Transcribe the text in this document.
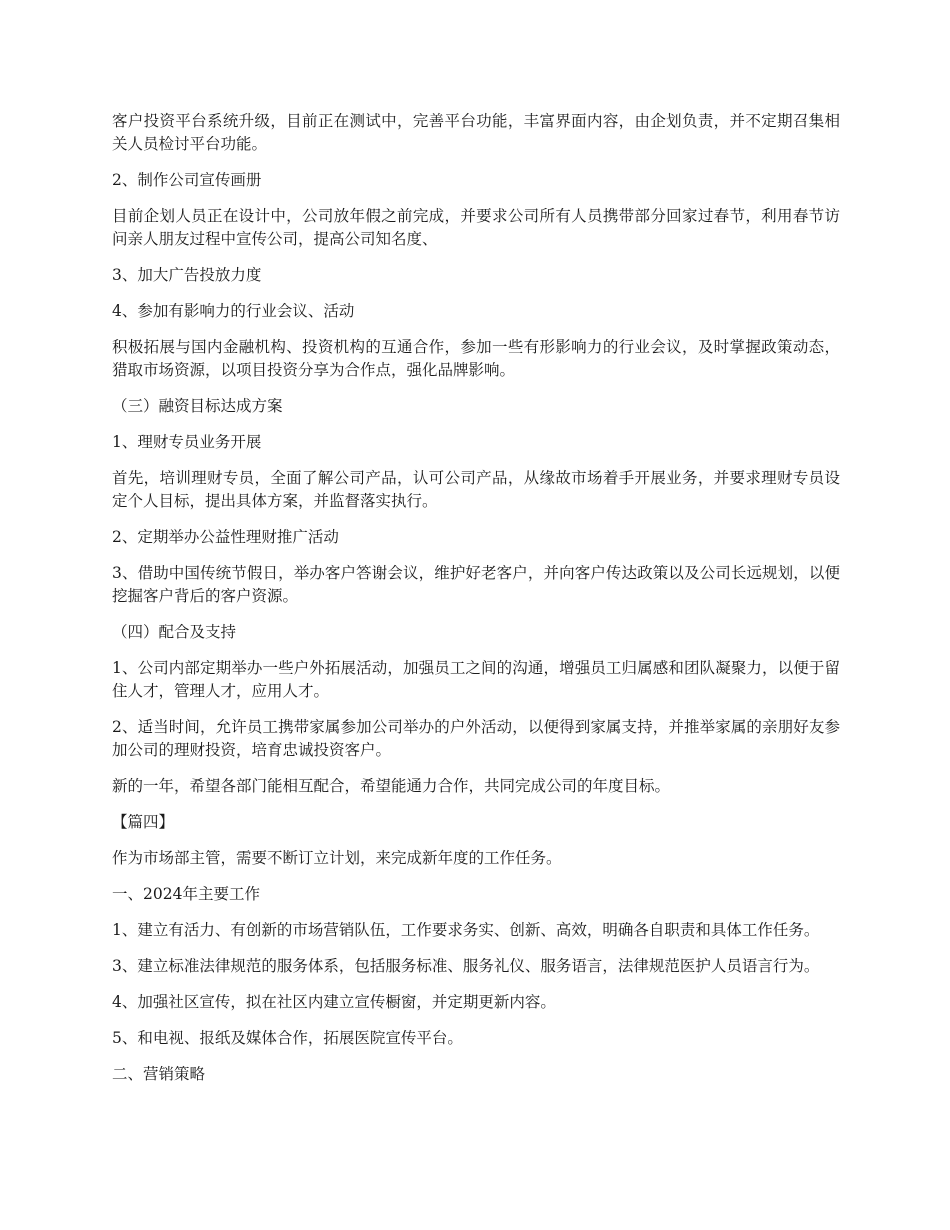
客户投资平台系统升级，目前正在测试中，完善平台功能，丰富界面内容，由企划负责，并不定期召集相关人员检讨平台功能。

2、制作公司宣传画册

目前企划人员正在设计中，公司放年假之前完成，并要求公司所有人员携带部分回家过春节，利用春节访问亲人朋友过程中宣传公司，提高公司知名度、

3、加大广告投放力度

4、参加有影响力的行业会议、活动

积极拓展与国内金融机构、投资机构的互通合作，参加一些有形影响力的行业会议，及时掌握政策动态，猎取市场资源，以项目投资分享为合作点，强化品牌影响。

（三）融资目标达成方案

1、理财专员业务开展

首先，培训理财专员，全面了解公司产品，认可公司产品，从缘故市场着手开展业务，并要求理财专员设定个人目标，提出具体方案，并监督落实执行。

2、定期举办公益性理财推广活动

3、借助中国传统节假日，举办客户答谢会议，维护好老客户，并向客户传达政策以及公司长远规划，以便挖掘客户背后的客户资源。

（四）配合及支持

1、公司内部定期举办一些户外拓展活动，加强员工之间的沟通，增强员工归属感和团队凝聚力，以便于留住人才，管理人才，应用人才。

2、适当时间，允许员工携带家属参加公司举办的户外活动，以便得到家属支持，并推举家属的亲朋好友参加公司的理财投资，培育忠诚投资客户。

新的一年，希望各部门能相互配合，希望能通力合作，共同完成公司的年度目标。

【篇四】

作为市场部主管，需要不断订立计划，来完成新年度的工作任务。

一、2024年主要工作

1、建立有活力、有创新的市场营销队伍，工作要求务实、创新、高效，明确各自职责和具体工作任务。

3、建立标准法律规范的服务体系，包括服务标准、服务礼仪、服务语言，法律规范医护人员语言行为。

4、加强社区宣传，拟在社区内建立宣传橱窗，并定期更新内容。

5、和电视、报纸及媒体合作，拓展医院宣传平台。

二、营销策略
